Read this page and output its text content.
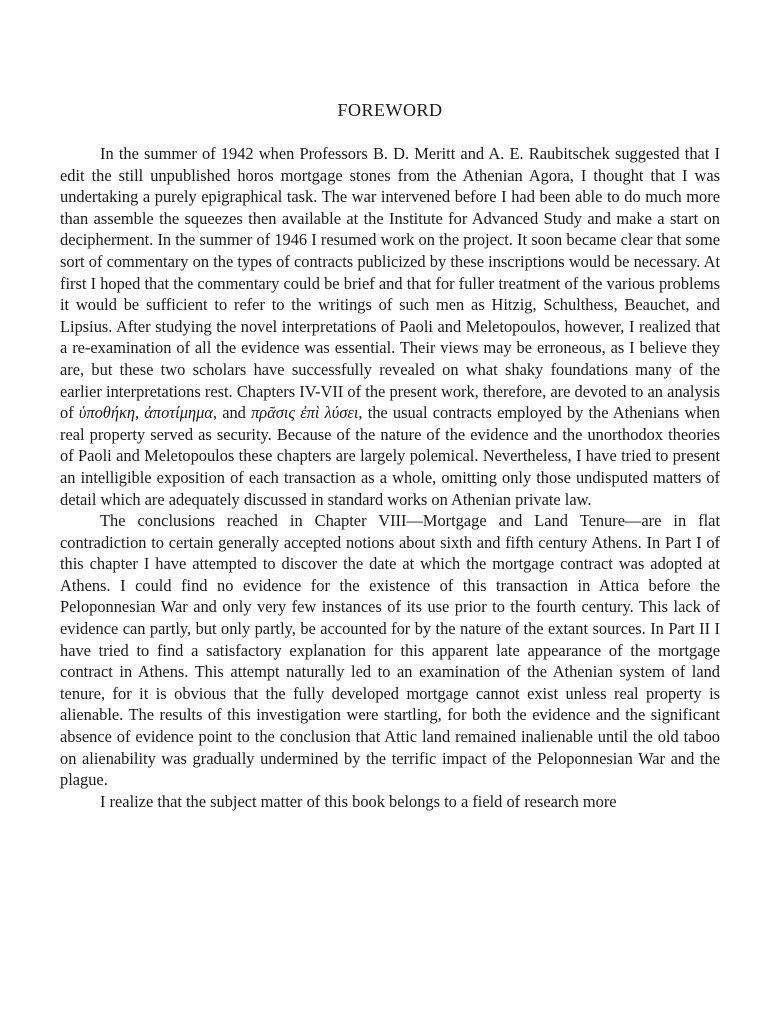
FOREWORD

In the summer of 1942 when Professors B. D. Meritt and A. E. Raubitschek suggested that I edit the still unpublished horos mortgage stones from the Athenian Agora, I thought that I was undertaking a purely epigraphical task. The war intervened before I had been able to do much more than assemble the squeezes then available at the Institute for Advanced Study and make a start on decipherment. In the summer of 1946 I resumed work on the project. It soon became clear that some sort of commentary on the types of contracts publicized by these inscriptions would be necessary. At first I hoped that the commentary could be brief and that for fuller treatment of the various problems it would be sufficient to refer to the writings of such men as Hitzig, Schulthess, Beauchet, and Lipsius. After studying the novel interpretations of Paoli and Meletopoulos, however, I realized that a re-examination of all the evidence was essential. Their views may be erroneous, as I believe they are, but these two scholars have successfully revealed on what shaky foundations many of the earlier interpretations rest. Chapters IV-VII of the present work, therefore, are devoted to an analysis of ὑποθήκη, ἀποτίμημα, and πρᾶσις ἐπὶ λύσει, the usual contracts employed by the Athenians when real property served as security. Because of the nature of the evidence and the unorthodox theories of Paoli and Meletopoulos these chapters are largely polemical. Nevertheless, I have tried to present an intelligible exposition of each transaction as a whole, omitting only those undisputed matters of detail which are adequately discussed in standard works on Athenian private law.

The conclusions reached in Chapter VIII—Mortgage and Land Tenure—are in flat contradiction to certain generally accepted notions about sixth and fifth century Athens. In Part I of this chapter I have attempted to discover the date at which the mortgage contract was adopted at Athens. I could find no evidence for the existence of this transaction in Attica before the Peloponnesian War and only very few instances of its use prior to the fourth century. This lack of evidence can partly, but only partly, be accounted for by the nature of the extant sources. In Part II I have tried to find a satisfactory explanation for this apparent late appearance of the mortgage contract in Athens. This attempt naturally led to an examination of the Athenian system of land tenure, for it is obvious that the fully developed mortgage cannot exist unless real property is alienable. The results of this investigation were startling, for both the evidence and the significant absence of evidence point to the conclusion that Attic land remained inalienable until the old taboo on alienability was gradually undermined by the terrific impact of the Peloponnesian War and the plague.

I realize that the subject matter of this book belongs to a field of research more
